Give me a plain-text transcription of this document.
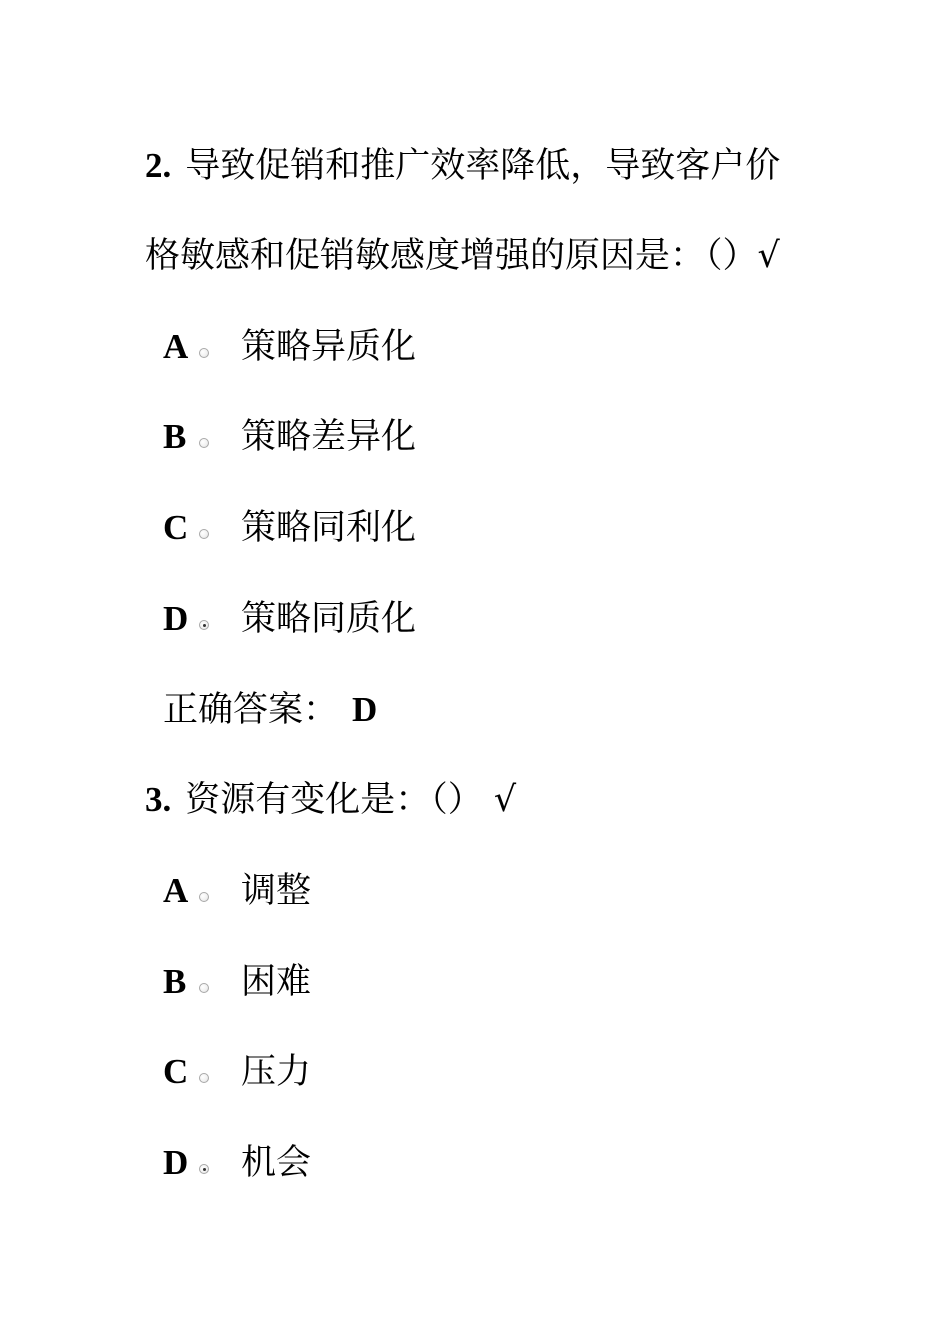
2. 导致促销和推广效率降低，导致客户价
格敏感和促销敏感度增强的原因是：（）√
A 策略异质化
B 策略差异化
C 策略同利化
D 策略同质化
正确答案： D
3. 资源有变化是：（） √
A 调整
B 困难
C 压力
D 机会
